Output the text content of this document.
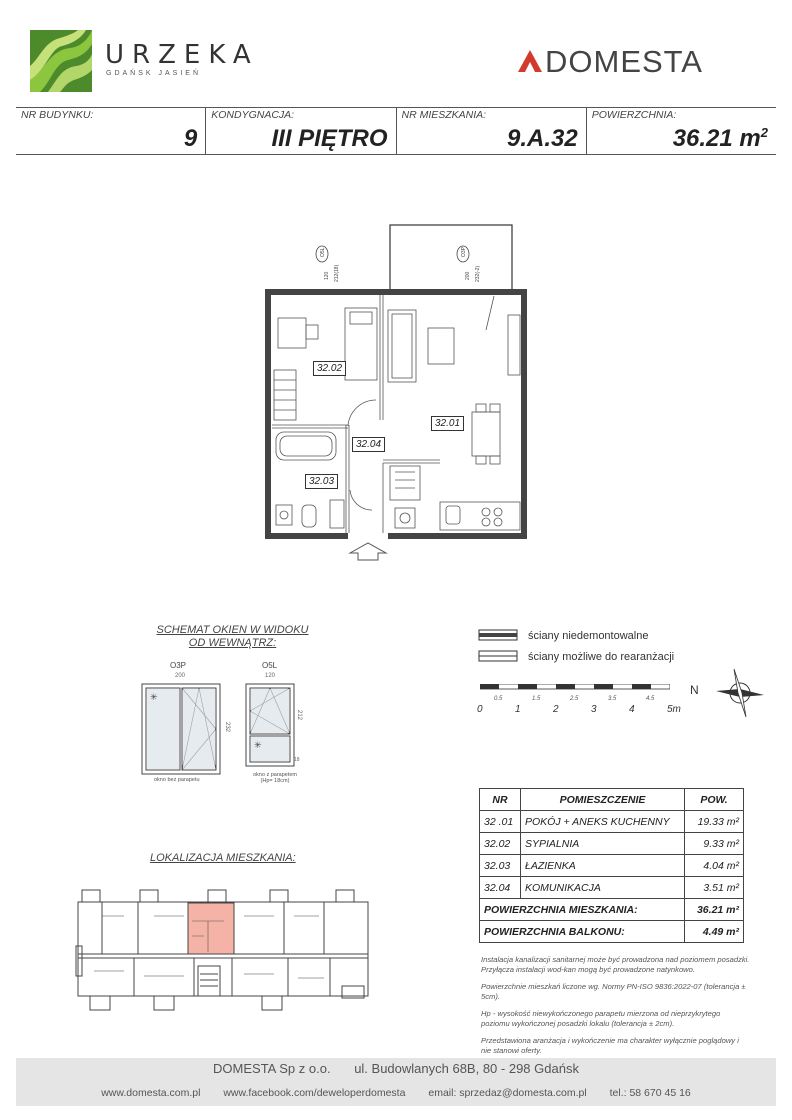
URZEKA
GDAŃSK JASIEŃ	DOMESTA
NR BUDYNKU:
9
KONDYGNACJA:
III PIĘTRO
NR MIESZKANIA:
9.A.32
POWIERZCHNIA:
36.21 $m^2$
O5L	O3P
120 212(18)	200 232(-2)
32.02
32.01
32.04
32.03
SCHEMAT OKIEN W WIDOKU
OD WEWNĄTRZ:
O3P	O5L
200	120
232
212
18
✳
✳
okno bez parapetu
okno z parapetem
(Hp= 18cm)
ściany niedemontowalne
ściany możliwe do rearanżacji
0	1	2	3	4	5m
0.5	1.5	2.5	3.5	4.5
N
NR	POMIESZCZENIE	POW.
32 .01	POKÓJ + ANEKS KUCHENNY	19.33 m²
32.02	SYPIALNIA	9.33 m²
32.03	ŁAZIENKA	4.04 m²
32.04	KOMUNIKACJA	3.51 m²
POWIERZCHNIA MIESZKANIA:		36.21 m²
POWIERZCHNIA BALKONU:		4.49 m²

Instalacja kanalizacji sanitarnej może być prowadzona nad poziomem posadzki. Przyłącza instalacji wod-kan mogą być prowadzone natynkowo.

Powierzchnie mieszkań liczone wg. Normy PN-ISO 9836:2022-07 (tolerancja ± 5cm).

Hp - wysokość niewykończonego parapetu mierzona od nieprzykrytego poziomu wykończonej posadzki lokalu (tolerancja ± 2cm).

Przedstawiona aranżacja i wykończenie ma charakter wyłącznie poglądowy i nie stanowi oferty.

LOKALIZACJA MIESZKANIA:
DOMESTA Sp z o.o. ul. Budowlanych 68B, 80 - 298 Gdańsk
www.domesta.com.pl www.facebook.com/deweloperdomesta email: sprzedaz@domesta.com.pl tel.: 58 670 45 16
